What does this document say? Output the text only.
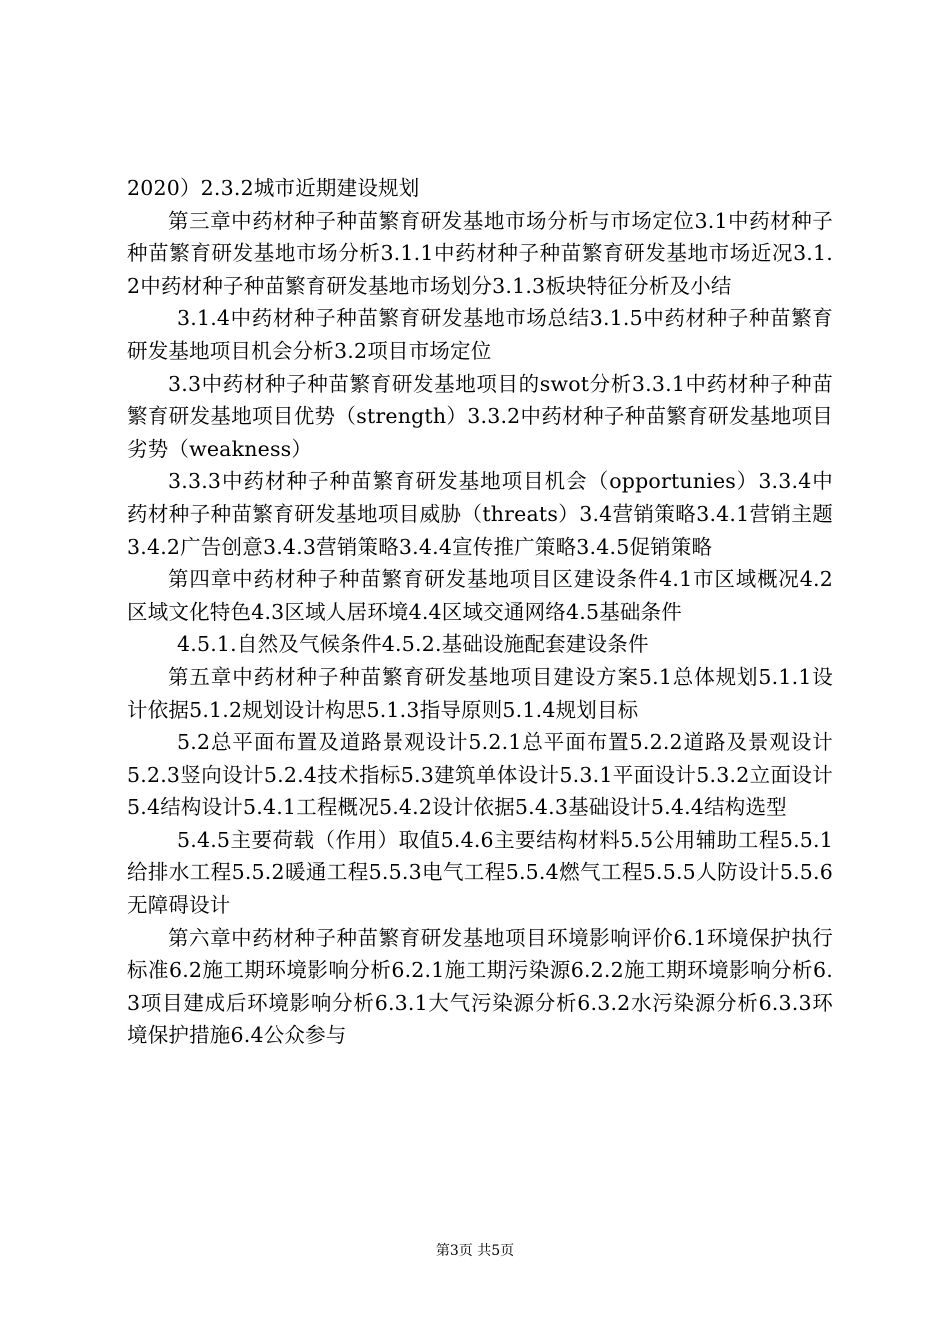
2020）2.3.2城市近期建设规划

第三章中药材种子种苗繁育研发基地市场分析与市场定位3.1中药材种子种苗繁育研发基地市场分析3.1.1中药材种子种苗繁育研发基地市场近况3.1.2中药材种子种苗繁育研发基地市场划分3.1.3板块特征分析及小结

3.1.4中药材种子种苗繁育研发基地市场总结3.1.5中药材种子种苗繁育研发基地项目机会分析3.2项目市场定位

3.3中药材种子种苗繁育研发基地项目的swot分析3.3.1中药材种子种苗繁育研发基地项目优势（strength）3.3.2中药材种子种苗繁育研发基地项目劣势（weakness）

3.3.3中药材种子种苗繁育研发基地项目机会（opportunies）3.3.4中药材种子种苗繁育研发基地项目威胁（threats）3.4营销策略3.4.1营销主题3.4.2广告创意3.4.3营销策略3.4.4宣传推广策略3.4.5促销策略

第四章中药材种子种苗繁育研发基地项目区建设条件4.1市区域概况4.2区域文化特色4.3区域人居环境4.4区域交通网络4.5基础条件

4.5.1.自然及气候条件4.5.2.基础设施配套建设条件

第五章中药材种子种苗繁育研发基地项目建设方案5.1总体规划5.1.1设计依据5.1.2规划设计构思5.1.3指导原则5.1.4规划目标

5.2总平面布置及道路景观设计5.2.1总平面布置5.2.2道路及景观设计5.2.3竖向设计5.2.4技术指标5.3建筑单体设计5.3.1平面设计5.3.2立面设计5.4结构设计5.4.1工程概况5.4.2设计依据5.4.3基础设计5.4.4结构选型

5.4.5主要荷载（作用）取值5.4.6主要结构材料5.5公用辅助工程5.5.1给排水工程5.5.2暖通工程5.5.3电气工程5.5.4燃气工程5.5.5人防设计5.5.6无障碍设计

第六章中药材种子种苗繁育研发基地项目环境影响评价6.1环境保护执行标准6.2施工期环境影响分析6.2.1施工期污染源6.2.2施工期环境影响分析6.3项目建成后环境影响分析6.3.1大气污染源分析6.3.2水污染源分析6.3.3环境保护措施6.4公众参与

第3页 共5页
